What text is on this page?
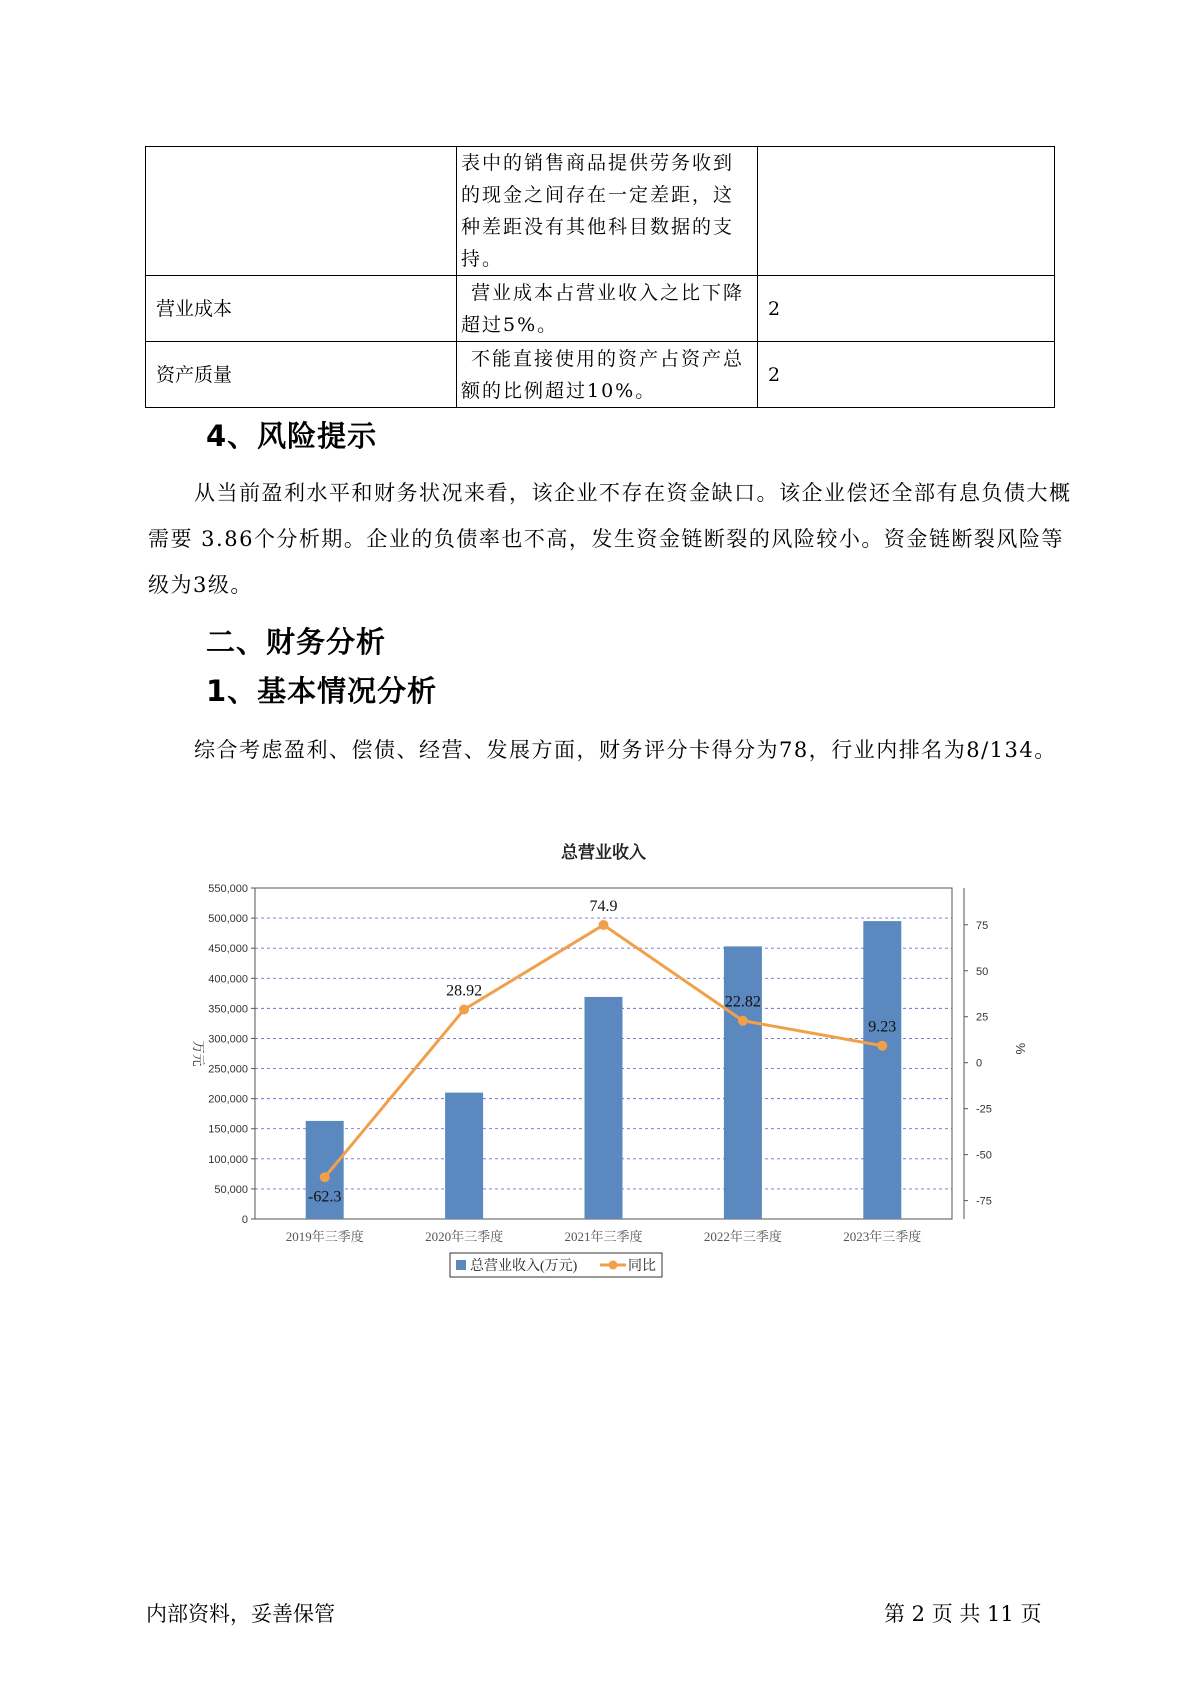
	表中的销售商品提供劳务收到的现金之间存在一定差距，这种差距没有其他科目数据的支持。	
营业成本	营业成本占营业收入之比下降超过5%。	2
资产质量	不能直接使用的资产占资产总额的比例超过10%。	2
4、风险提示
从当前盈利水平和财务状况来看，该企业不存在资金缺口。该企业偿还全部有息负债大概需要 3.86个分析期。企业的负债率也不高，发生资金链断裂的风险较小。资金链断裂风险等级为3级。
二、财务分析
1、基本情况分析
综合考虑盈利、偿债、经营、发展方面，财务评分卡得分为78，行业内排名为8/134。
总营业收入
0
50,000
100,000
150,000
200,000
250,000
300,000
350,000
400,000
450,000
500,000
550,000
-75
-50
-25
0
25
50
75
万元	%
2019年三季度	2020年三季度	2021年三季度	2022年三季度	2023年三季度
-62.3
28.92
74.9
22.82
9.23
总营业收入(万元)	同比
内部资料，妥善保管	第 2 页 共 11 页
